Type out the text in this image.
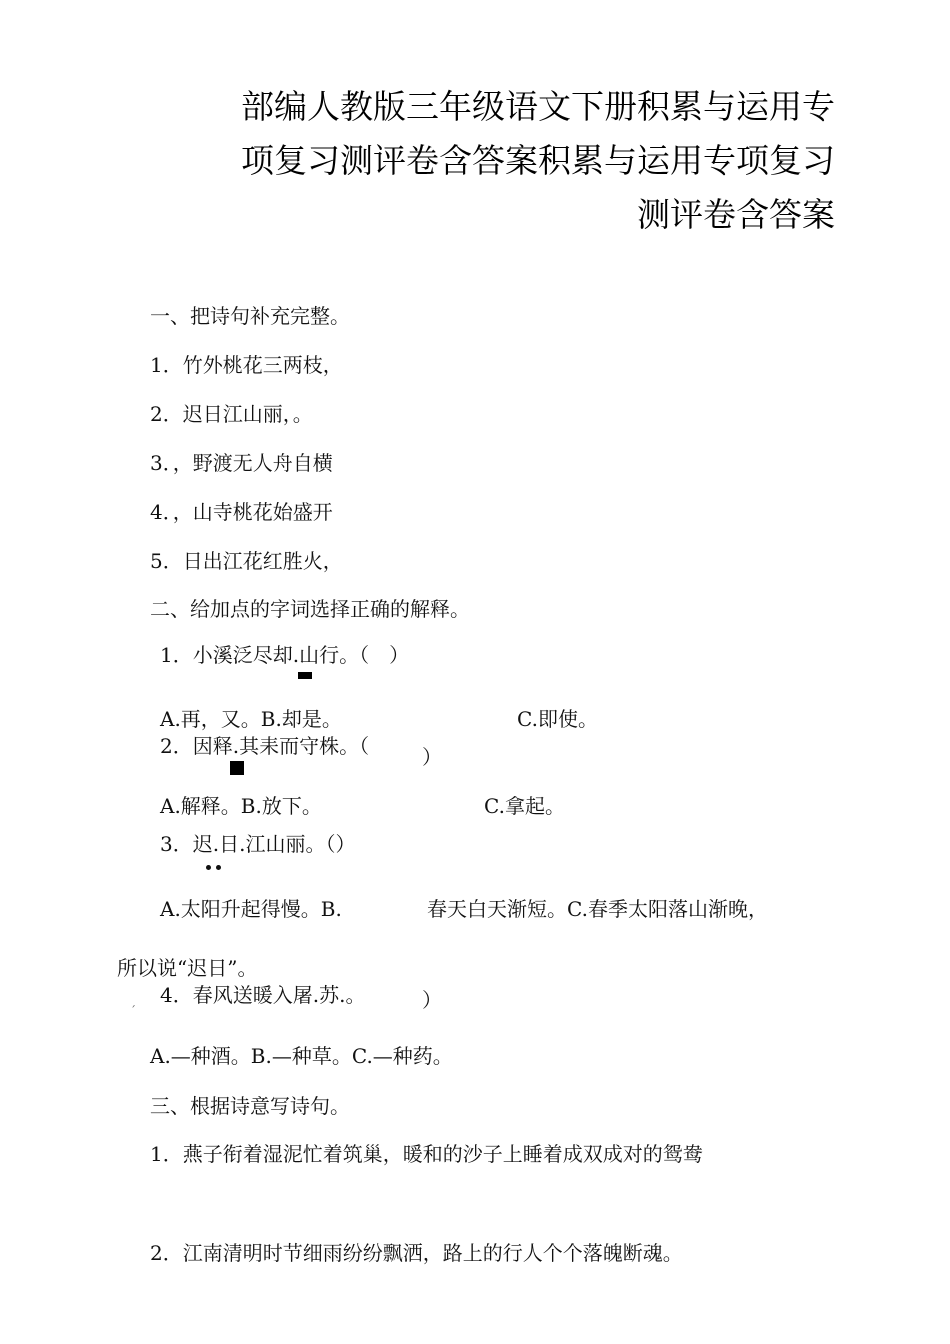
部编人教版三年级语文下册积累与运用专
项复习测评卷含答案积累与运用专项复习
测评卷含答案
一、把诗句补充完整。
1．竹外桃花三两枝，
2．迟日江山丽，。
3．，野渡无人舟自横
4．，山寺桃花始盛开
5．日出江花红胜火，
二、给加点的字词选择正确的解释。
1．小溪泛尽却.山行。（　）
A.再，又。B.却是。	C.即使。
2．因释.其耒而守株。（	）
A.解释。B.放下。	C.拿起。
3．迟.日.江山丽。（）
A.太阳升起得慢。B.	春天白天渐短。C.春季太阳落山渐晚，
所以说“迟日”。
4．春风送暖入屠.苏.。	）
ˊ
A.—种酒。B.—种草。C.—种药。
三、根据诗意写诗句。
1．燕子衔着湿泥忙着筑巢，暖和的沙子上睡着成双成对的鸳鸯
2．江南清明时节细雨纷纷飘洒，路上的行人个个落魄断魂。
